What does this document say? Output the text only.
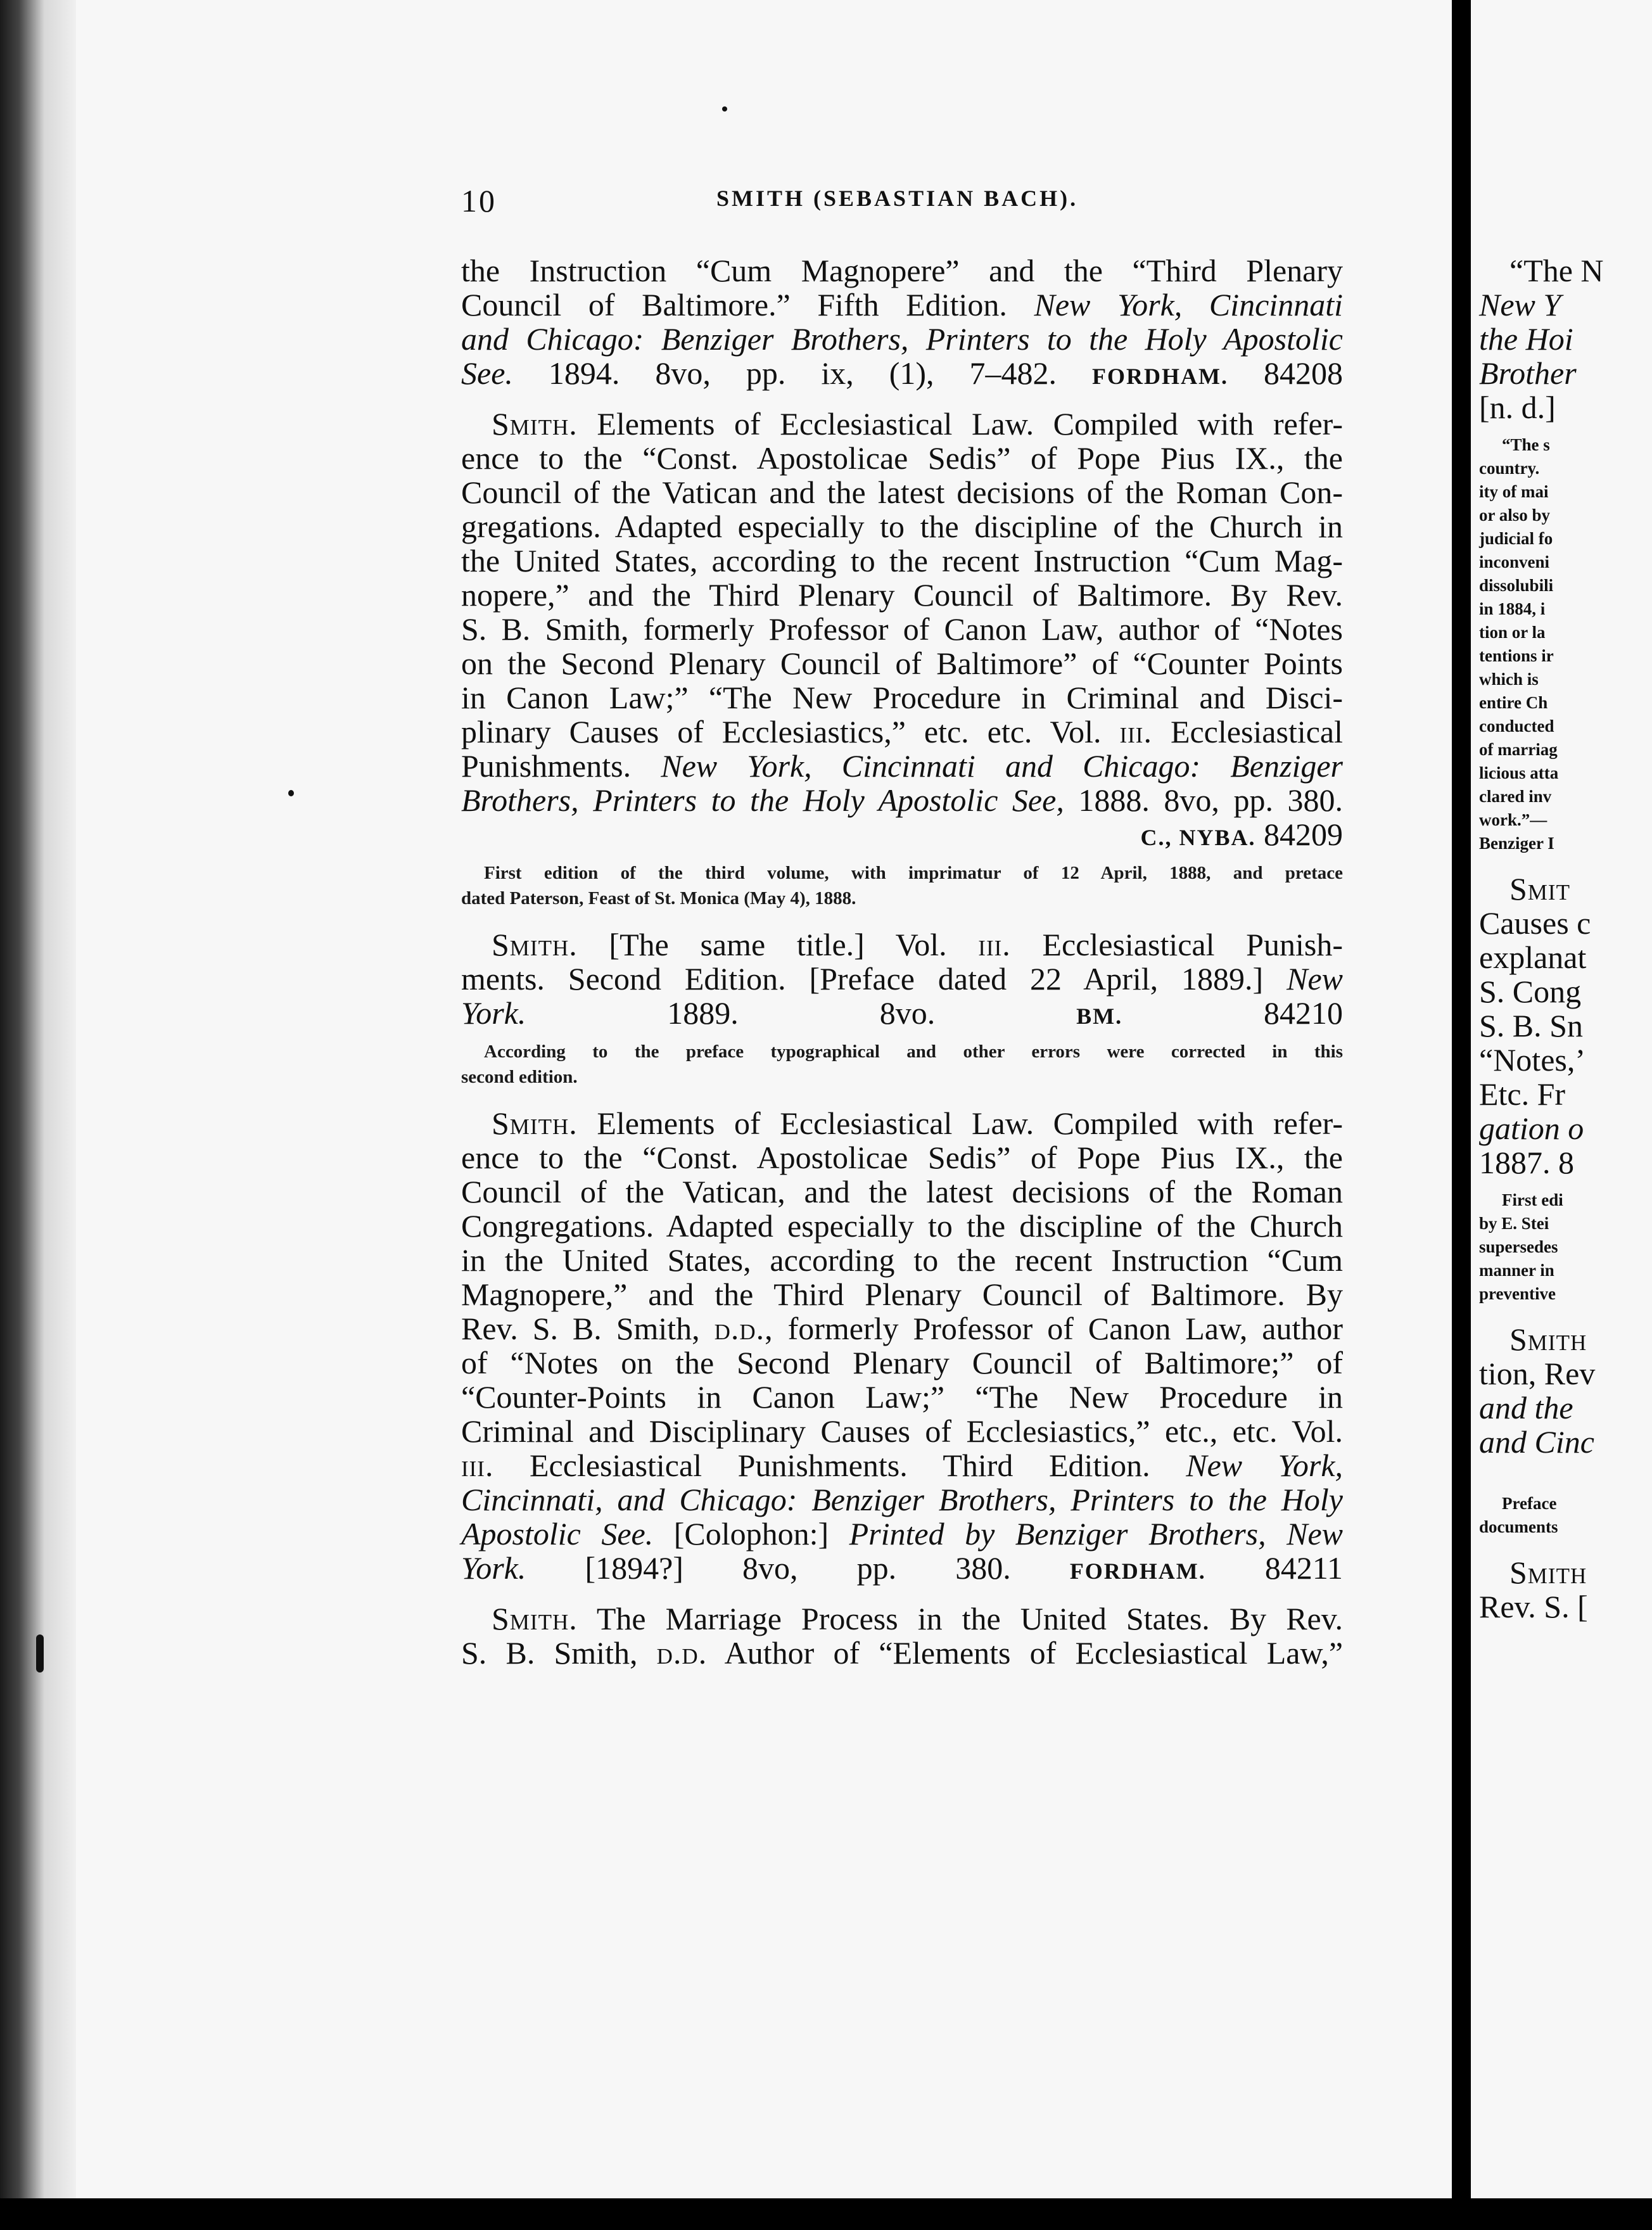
10	SMITH (SEBASTIAN BACH).
the Instruction “Cum Magnopere” and the “Third Plenary
Council of Baltimore.” Fifth Edition. New York, Cincinnati
and Chicago: Benziger Brothers, Printers to the Holy Apostolic
See. 1894. 8vo, pp. ix, (1), 7–482. FORDHAM. 84208
Smith. Elements of Ecclesiastical Law. Compiled with refer-
ence to the “Const. Apostolicae Sedis” of Pope Pius IX., the
Council of the Vatican and the latest decisions of the Roman Con-
gregations. Adapted especially to the discipline of the Church in
the United States, according to the recent Instruction “Cum Mag-
nopere,” and the Third Plenary Council of Baltimore. By Rev.
S. B. Smith, formerly Professor of Canon Law, author of “Notes
on the Second Plenary Council of Baltimore” of “Counter Points
in Canon Law;” “The New Procedure in Criminal and Disci-
plinary Causes of Ecclesiastics,” etc. etc. Vol. iii. Ecclesiastical
Punishments. New York, Cincinnati and Chicago: Benziger
Brothers, Printers to the Holy Apostolic See, 1888. 8vo, pp. 380.
C., NYBA. 84209
First edition of the third volume, with imprimatur of 12 April, 1888, and pretace
dated Paterson, Feast of St. Monica (May 4), 1888.
Smith. [The same title.] Vol. iii. Ecclesiastical Punish-
ments. Second Edition. [Preface dated 22 April, 1889.] New
York.	1889. 8vo.	BM.	84210
According to the preface typographical and other errors were corrected in this
second edition.
Smith. Elements of Ecclesiastical Law. Compiled with refer-
ence to the “Const. Apostolicae Sedis” of Pope Pius IX., the
Council of the Vatican, and the latest decisions of the Roman
Congregations. Adapted especially to the discipline of the Church
in the United States, according to the recent Instruction “Cum
Magnopere,” and the Third Plenary Council of Baltimore. By
Rev. S. B. Smith, d.d., formerly Professor of Canon Law, author
of “Notes on the Second Plenary Council of Baltimore;” of
“Counter-Points in Canon Law;” “The New Procedure in
Criminal and Disciplinary Causes of Ecclesiastics,” etc., etc. Vol.
iii. Ecclesiastical Punishments. Third Edition. New York,
Cincinnati, and Chicago: Benziger Brothers, Printers to the Holy
Apostolic See. [Colophon:] Printed by Benziger Brothers, New
York. [1894?] 8vo, pp. 380.	FORDHAM. 84211
Smith. The Marriage Process in the United States. By Rev.
S. B. Smith, d.d. Author of “Elements of Ecclesiastical Law,”
“The N
New Y
the Hoi
Brother
[n. d.]
“The s
country.
ity of mai
or also by
judicial fo
inconveni
dissolubili
in 1884, i
tion or la
tentions ir
which is
entire Ch
conducted
of marriag
licious atta
clared inv
work.”—
Benziger I
Smit
Causes c
explanat
S. Cong
S. B. Sn
“Notes,’
Etc. Fr
gation o
1887. 8
First edi
by E. Stei
supersedes
manner in
preventive
Smith
tion, Rev
and the
and Cinc
Preface
documents
Smith
Rev. S. [
